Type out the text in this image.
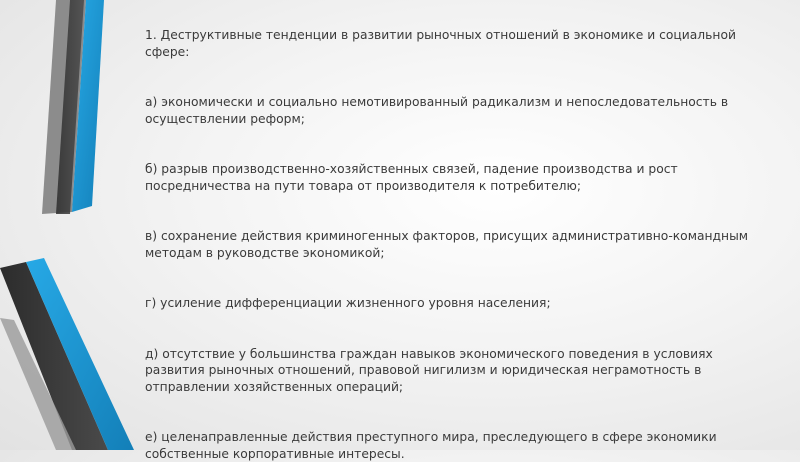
1. Деструктивные тенденции в развитии рыночных отношений в экономике и социальной сфере:

а) экономически и социально немотивированный радикализм и непоследовательность в осуществлении реформ;

б) разрыв производственно-хозяйственных связей, падение производства и рост посредничества на пути товара от производителя к потребителю;

в) сохранение действия криминогенных факторов, присущих административно-командным методам в руководстве экономикой;

г) усиление дифференциации жизненного уровня населения;

д) отсутствие у большинства граждан навыков экономического поведения в условиях развития рыночных отношений, правовой нигилизм и юридическая неграмотность в отправлении хозяйственных операций;

е) целенаправленные действия преступного мира, преследующего в сфере экономики собственные корпоративные интересы.
